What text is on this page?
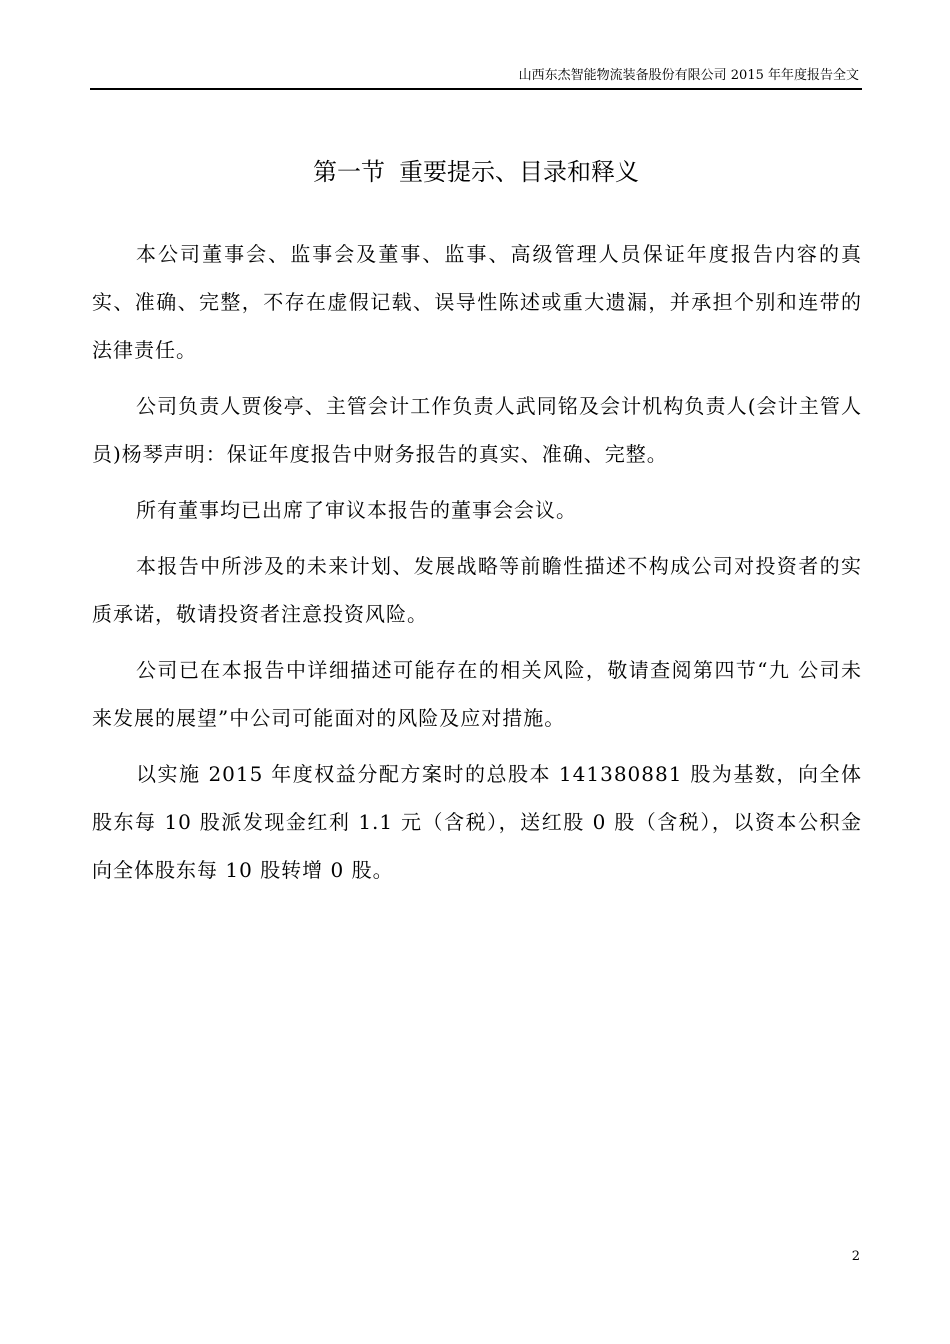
山西东杰智能物流装备股份有限公司 2015 年年度报告全文
第一节 重要提示、目录和释义

本公司董事会、监事会及董事、监事、高级管理人员保证年度报告内容的真实、准确、完整，不存在虚假记载、误导性陈述或重大遗漏，并承担个别和连带的法律责任。

公司负责人贾俊亭、主管会计工作负责人武同铭及会计机构负责人(会计主管人员)杨琴声明：保证年度报告中财务报告的真实、准确、完整。

所有董事均已出席了审议本报告的董事会会议。

本报告中所涉及的未来计划、发展战略等前瞻性描述不构成公司对投资者的实质承诺，敬请投资者注意投资风险。

公司已在本报告中详细描述可能存在的相关风险，敬请查阅第四节“九 公司未来发展的展望”中公司可能面对的风险及应对措施。

以实施 2015 年度权益分配方案时的总股本 141380881 股为基数，向全体股东每 10 股派发现金红利 1.1 元（含税），送红股 0 股（含税），以资本公积金向全体股东每 10 股转增 0 股。

2
